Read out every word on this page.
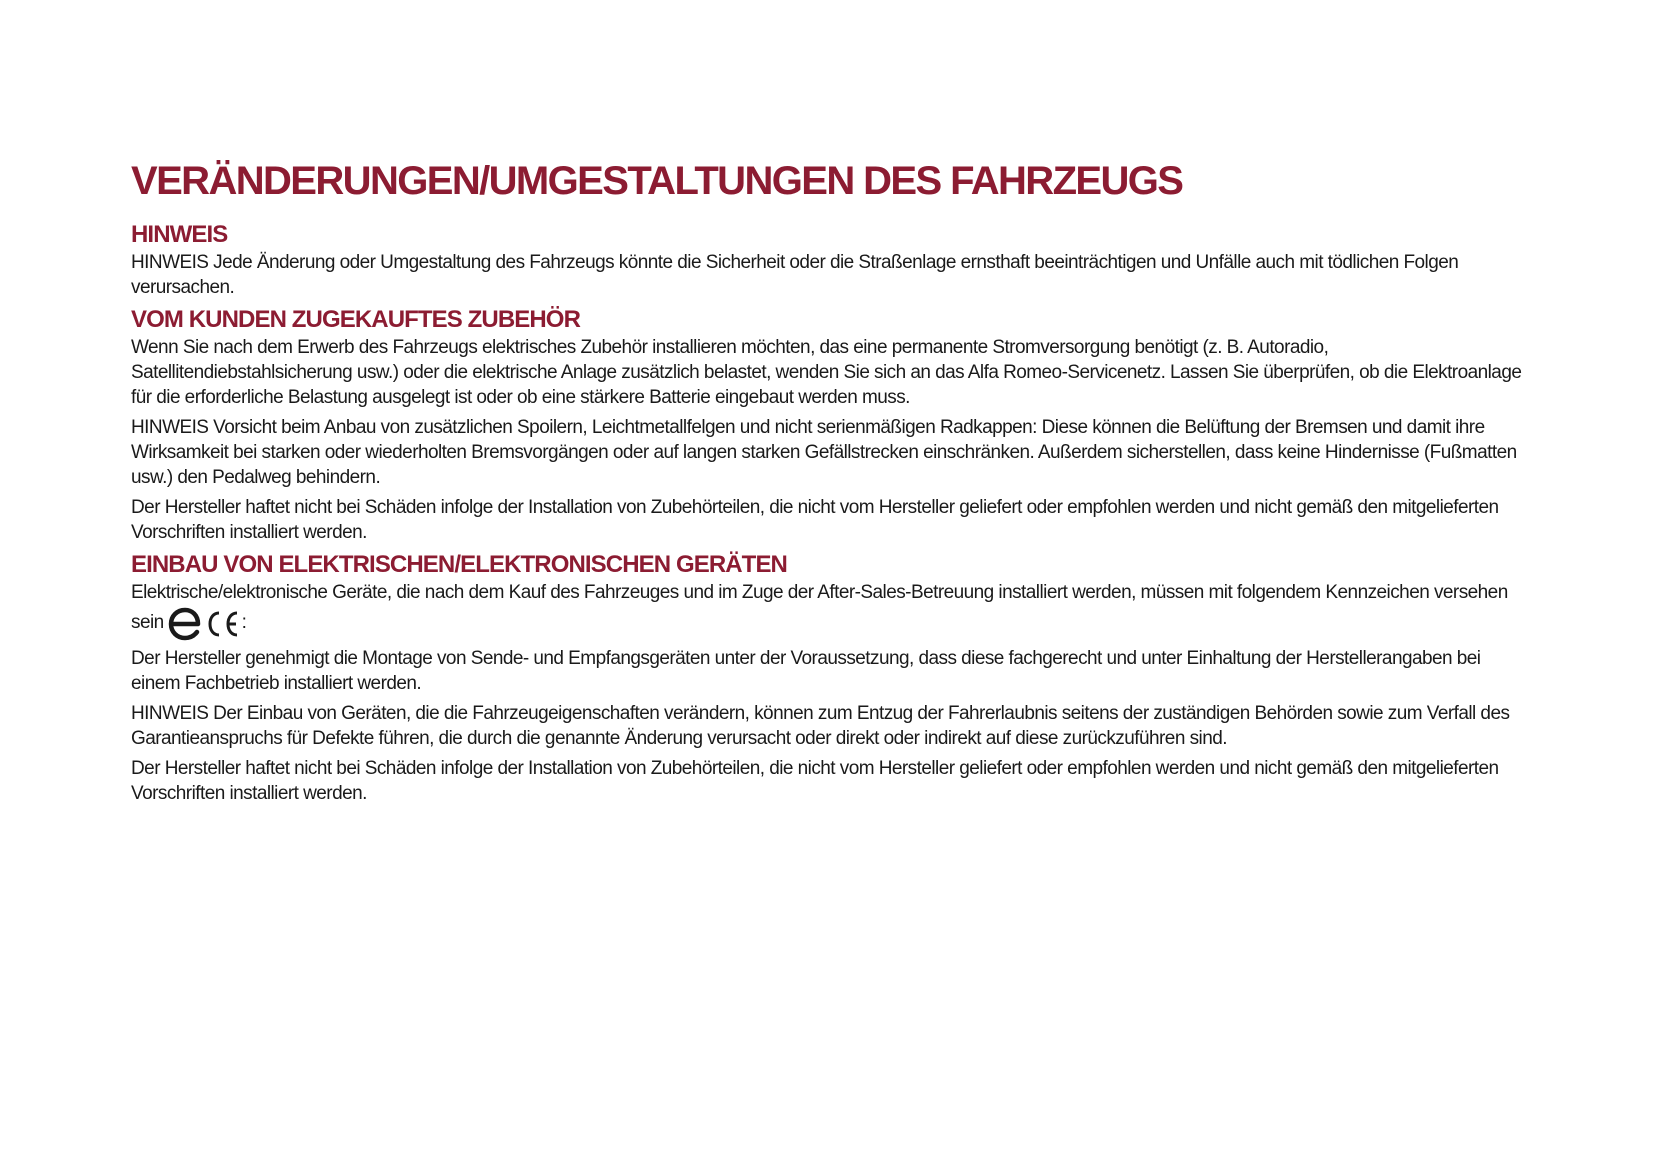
VERÄNDERUNGEN/UMGESTALTUNGEN DES FAHRZEUGS
HINWEIS

HINWEIS Jede Änderung oder Umgestaltung des Fahrzeugs könnte die Sicherheit oder die Straßenlage ernsthaft beeinträchtigen und Unfälle auch mit tödlichen Folgen verursachen.

VOM KUNDEN ZUGEKAUFTES ZUBEHÖR

Wenn Sie nach dem Erwerb des Fahrzeugs elektrisches Zubehör installieren möchten, das eine permanente Stromversorgung benötigt (z. B. Autoradio, Satellitendiebstahlsicherung usw.) oder die elektrische Anlage zusätzlich belastet, wenden Sie sich an das Alfa Romeo-Servicenetz. Lassen Sie überprüfen, ob die Elektroanlage für die erforderliche Belastung ausgelegt ist oder ob eine stärkere Batterie eingebaut werden muss.

HINWEIS Vorsicht beim Anbau von zusätzlichen Spoilern, Leichtmetallfelgen und nicht serienmäßigen Radkappen: Diese können die Belüftung der Bremsen und damit ihre Wirksamkeit bei starken oder wiederholten Bremsvorgängen oder auf langen starken Gefällstrecken einschränken. Außerdem sicherstellen, dass keine Hindernisse (Fußmatten usw.) den Pedalweg behindern.

Der Hersteller haftet nicht bei Schäden infolge der Installation von Zubehörteilen, die nicht vom Hersteller geliefert oder empfohlen werden und nicht gemäß den mitgelieferten Vorschriften installiert werden.

EINBAU VON ELEKTRISCHEN/ELEKTRONISCHEN GERÄTEN

Elektrische/elektronische Geräte, die nach dem Kauf des Fahrzeuges und im Zuge der After-Sales-Betreuung installiert werden, müssen mit folgendem Kennzeichen versehen sein	:

Der Hersteller genehmigt die Montage von Sende- und Empfangsgeräten unter der Voraussetzung, dass diese fachgerecht und unter Einhaltung der Herstellerangaben bei einem Fachbetrieb installiert werden.

HINWEIS Der Einbau von Geräten, die die Fahrzeugeigenschaften verändern, können zum Entzug der Fahrerlaubnis seitens der zuständigen Behörden sowie zum Verfall des Garantieanspruchs für Defekte führen, die durch die genannte Änderung verursacht oder direkt oder indirekt auf diese zurückzuführen sind.

Der Hersteller haftet nicht bei Schäden infolge der Installation von Zubehörteilen, die nicht vom Hersteller geliefert oder empfohlen werden und nicht gemäß den mitgelieferten Vorschriften installiert werden.
